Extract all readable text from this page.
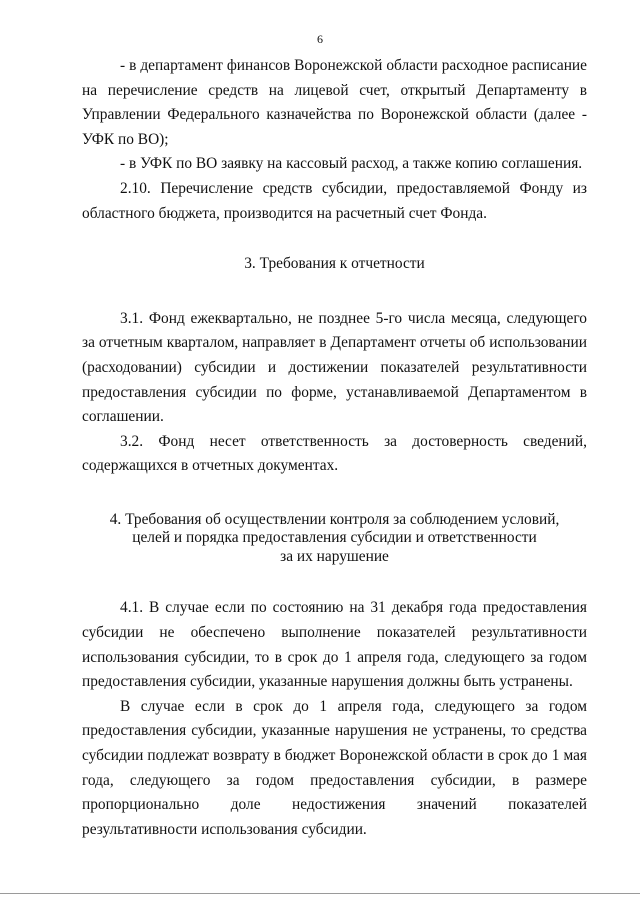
6

- в департамент финансов Воронежской области расходное расписание на перечисление средств на лицевой счет, открытый Департаменту в Управлении Федерального казначейства по Воронежской области (далее - УФК по ВО);

- в УФК по ВО заявку на кассовый расход, а также копию соглашения.

2.10. Перечисление средств субсидии, предоставляемой Фонду из областного бюджета, производится на расчетный счет Фонда.

3. Требования к отчетности

3.1. Фонд ежеквартально, не позднее 5-го числа месяца, следующего за отчетным кварталом, направляет в Департамент отчеты об использовании (расходовании) субсидии и достижении показателей результативности предоставления субсидии по форме, устанавливаемой Департаментом в соглашении.

3.2. Фонд несет ответственность за достоверность сведений, содержащихся в отчетных документах.

4. Требования об осуществлении контроля за соблюдением условий,
целей и порядка предоставления субсидии и ответственности
за их нарушение

4.1. В случае если по состоянию на 31 декабря года предоставления субсидии не обеспечено выполнение показателей результативности использования субсидии, то в срок до 1 апреля года, следующего за годом предоставления субсидии, указанные нарушения должны быть устранены.

В случае если в срок до 1 апреля года, следующего за годом предоставления субсидии, указанные нарушения не устранены, то средства субсидии подлежат возврату в бюджет Воронежской области в срок до 1 мая года, следующего за годом предоставления субсидии, в размере пропорционально доле недостижения значений показателей результативности использования субсидии.
